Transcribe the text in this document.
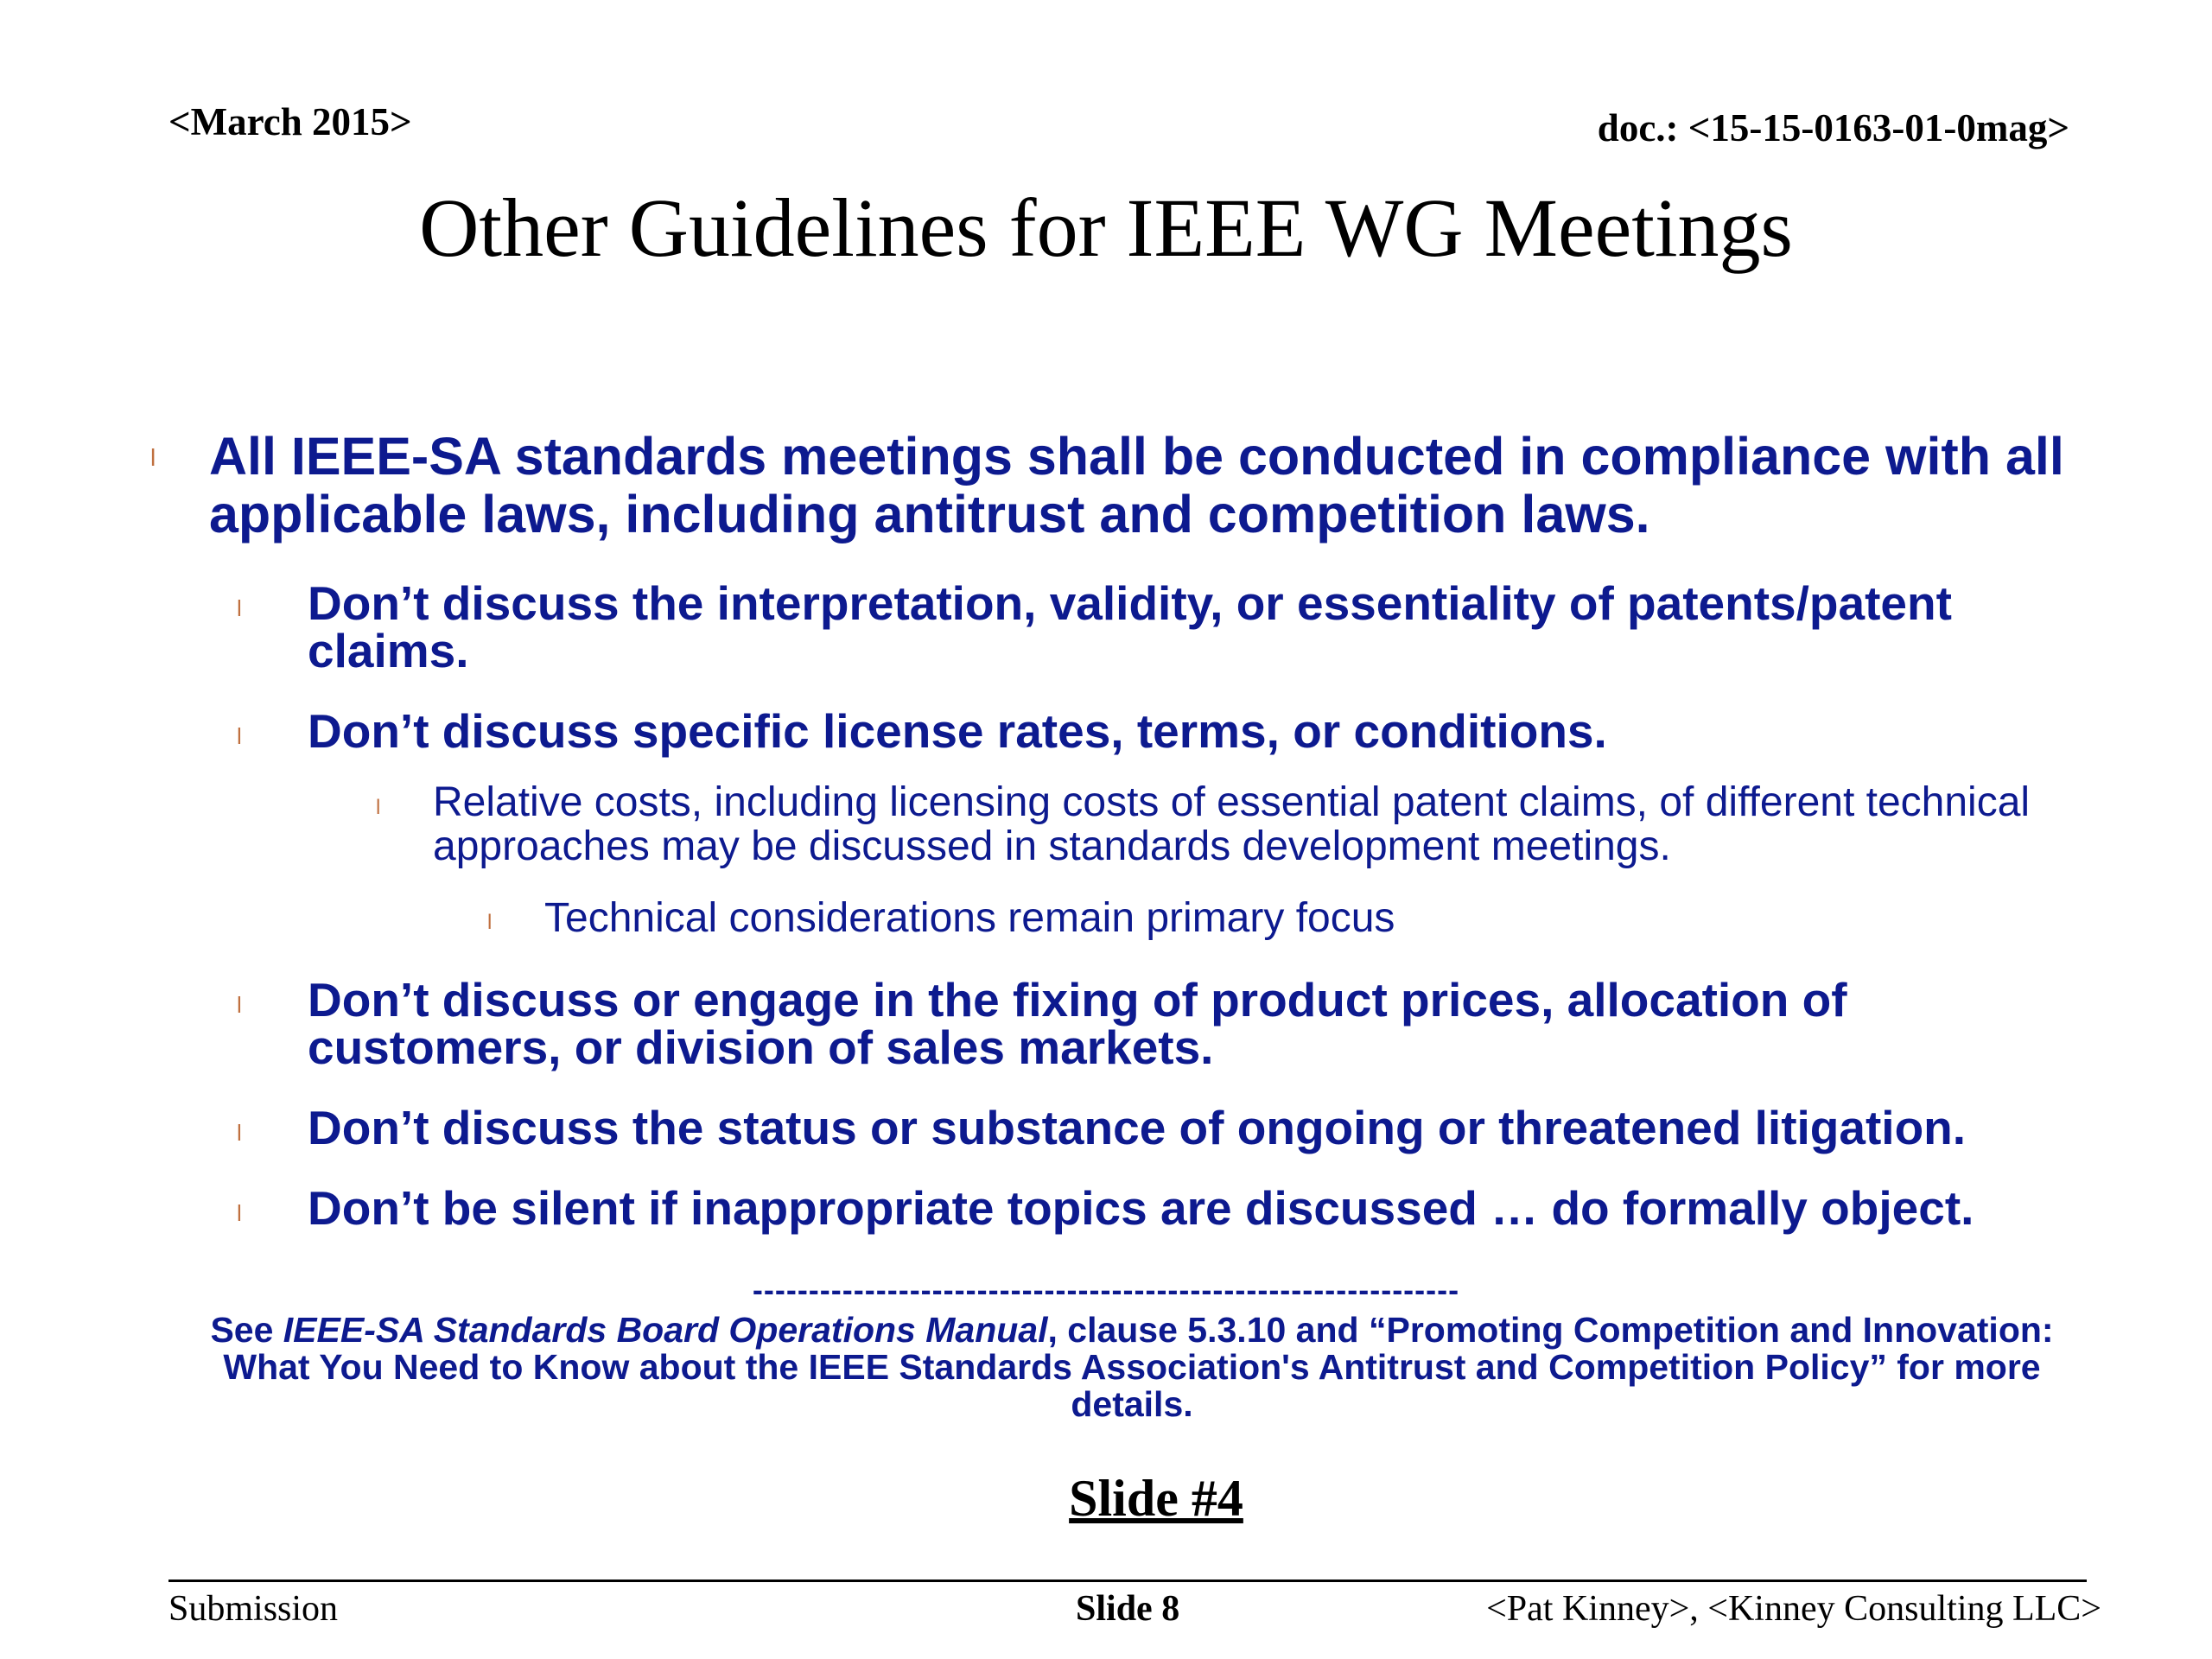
<March 2015>	doc.: <15-15-0163-01-0mag>
Other Guidelines for IEEE WG Meetings
l All IEEE-SA standards meetings shall be conducted in compliance with all applicable laws, including antitrust and competition laws.
l Don’t discuss the interpretation, validity, or essentiality of patents/patent claims.
l Don’t discuss specific license rates, terms, or conditions.
l Relative costs, including licensing costs of essential patent claims, of different technical approaches may be discussed in standards development meetings.
l Technical considerations remain primary focus
l Don’t discuss or engage in the fixing of product prices, allocation of customers, or division of sales markets.
l Don’t discuss the status or substance of ongoing or threatened litigation.
l Don’t be silent if inappropriate topics are discussed … do formally object.
---------------------------------------------------------------
See IEEE-SA Standards Board Operations Manual, clause 5.3.10 and “Promoting Competition and Innovation: What You Need to Know about the IEEE Standards Association's Antitrust and Competition Policy” for more details.
Slide #4
Submission	Slide 8	<Pat Kinney>, <Kinney Consulting LLC>
